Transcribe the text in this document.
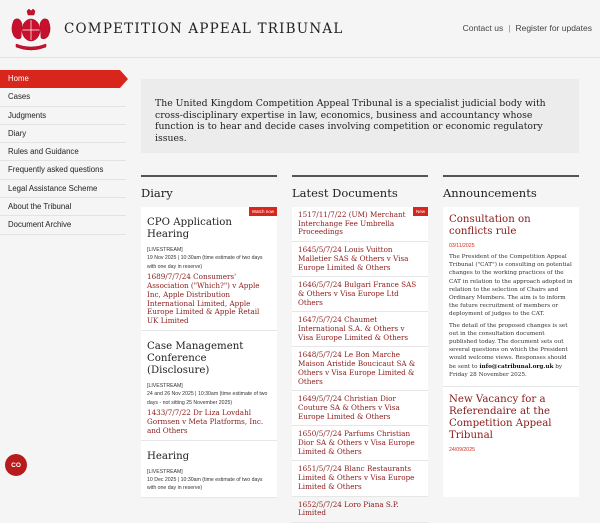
COMPETITION APPEAL TRIBUNAL	Contact us | Register for updates
Home
Cases
Judgments
Diary
Rules and Guidance
Frequently asked questions
Legal Assistance Scheme
About the Tribunal
Document Archive
The United Kingdom Competition Appeal Tribunal is a specialist judicial body with cross-disciplinary expertise in law, economics, business and accountancy whose function is to hear and decide cases involving competition or economic regulatory issues.
Diary
Watch now
CPO Application Hearing
[LIVESTREAM]
19 Nov 2025 | 10:30am (time estimate of two days with one day in reserve)
1689/7/7/24 Consumers' Association ("Which?") v Apple Inc, Apple Distribution International Limited, Apple Europe Limited & Apple Retail UK Limited
Case Management Conference (Disclosure)
[LIVESTREAM]
24 and 26 Nov 2025 | 10:30am (time estimate of two days - not sitting 25 November 2025)
1433/7/7/22 Dr Liza Lovdahl Gormsen v Meta Platforms, Inc. and Others
Hearing
[LIVESTREAM]
10 Dec 2025 | 10:30am (time estimate of two days with one day in reserve)
Latest Documents
New
1517/11/7/22 (UM) Merchant Interchange Fee Umbrella Proceedings
1645/5/7/24 Louis Vuitton Malletier SAS & Others v Visa Europe Limited & Others
1646/5/7/24 Bulgari France SAS & Others v Visa Europe Ltd Others
1647/5/7/24 Chaumet International S.A. & Others v Visa Europe Limited & Others
1648/5/7/24 Le Bon Marche Maison Aristide Boucicaut SA & Others v Visa Europe Limited & Others
1649/5/7/24 Christian Dior Couture SA & Others v Visa Europe Limited & Others
1650/5/7/24 Parfums Christian Dior SA & Others v Visa Europe Limited & Others
1651/5/7/24 Blanc Restaurants Limited & Others v Visa Europe Limited & Others
1652/5/7/24 Loro Piana S.P. Limited
Announcements
Consultation on conflicts rule
03/11/2025

The President of the Competition Appeal Tribunal ("CAT") is consulting on potential changes to the working practices of the CAT in relation to the approach adopted in relation to the selection of Chairs and Ordinary Members. The aim is to inform the future recruitment of members or deployment of judges to the CAT.

The detail of the proposed changes is set out in the consultation document published today. The document sets out several questions on which the President would welcome views. Responses should be sent to info@catribunal.org.uk by Friday 28 November 2025.

New Vacancy for a Referendaire at the Competition Appeal Tribunal
24/09/2025
CO
